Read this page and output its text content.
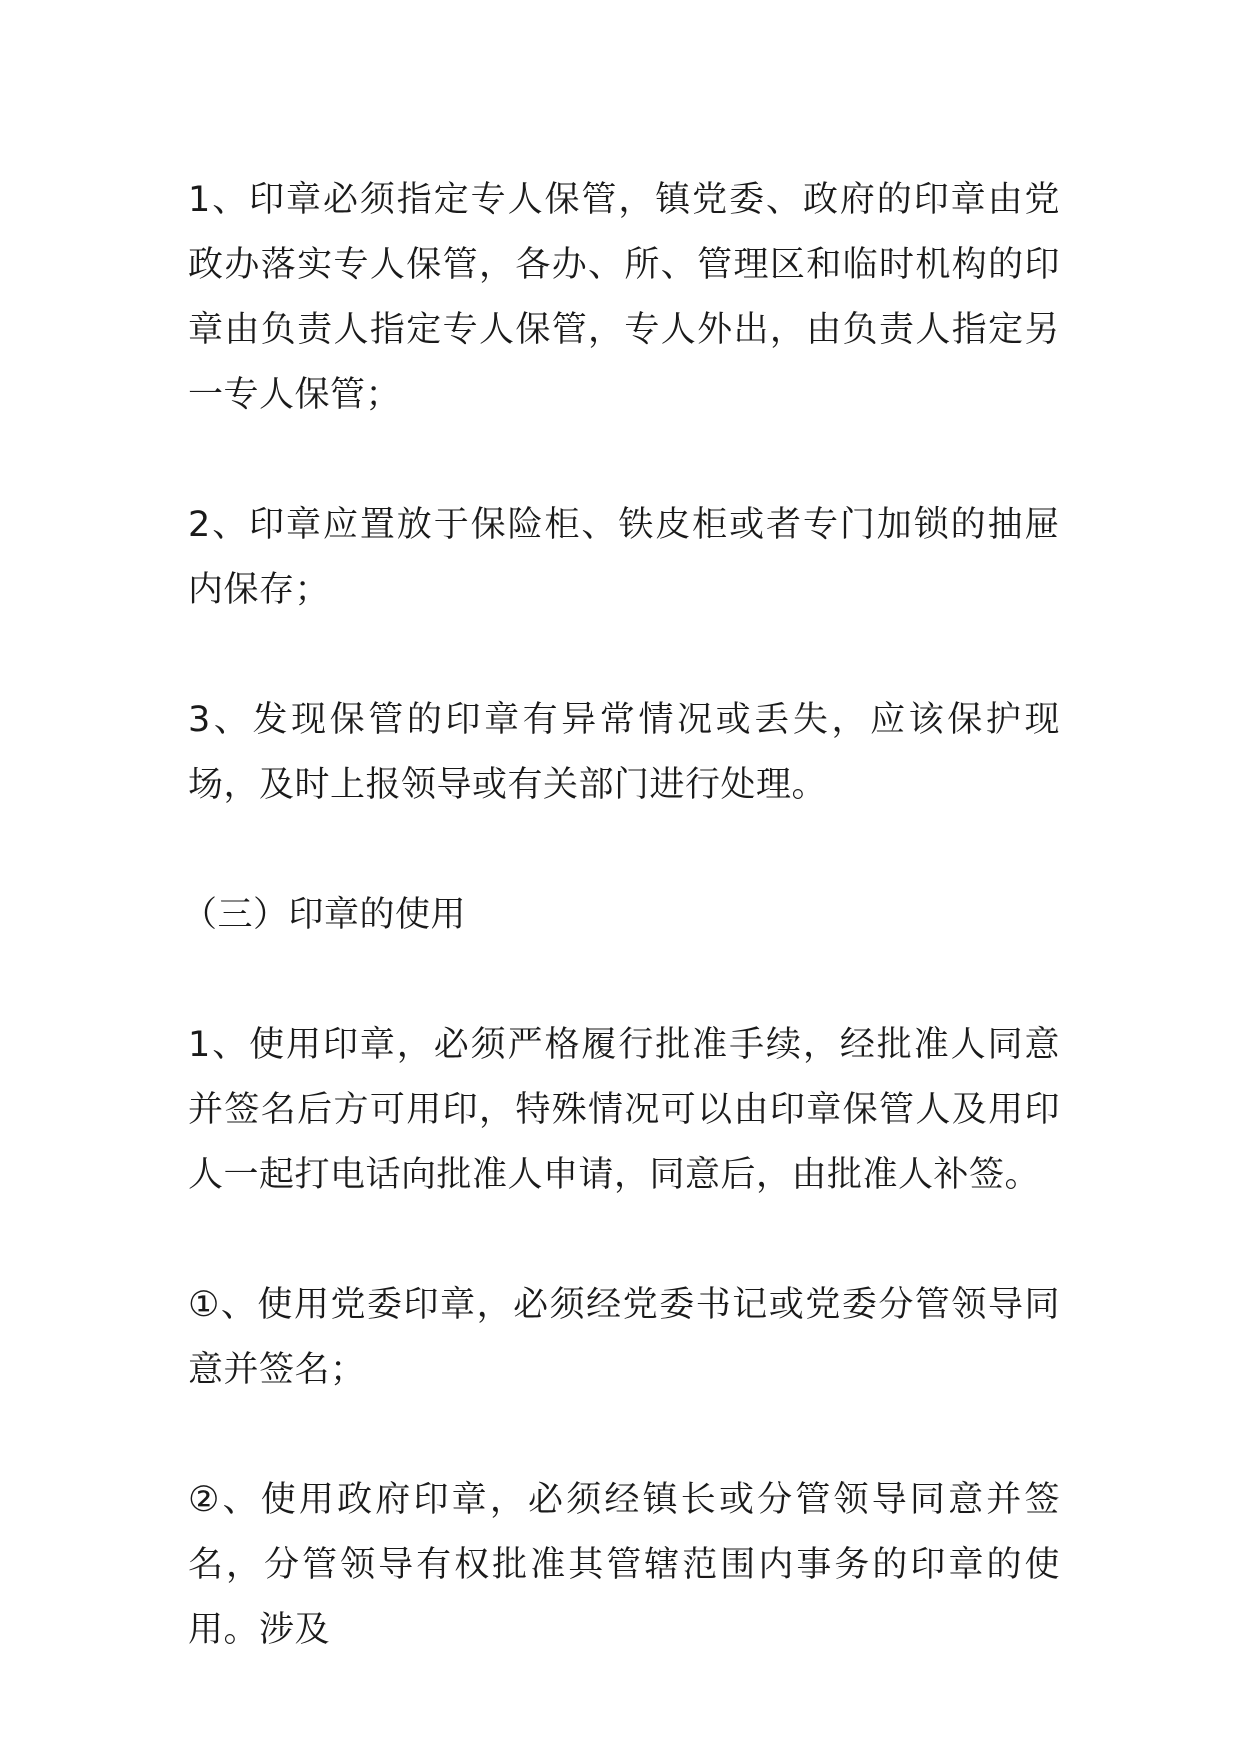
1、印章必须指定专人保管，镇党委、政府的印章由党政办落实专人保管，各办、所、管理区和临时机构的印章由负责人指定专人保管，专人外出，由负责人指定另一专人保管；

2、印章应置放于保险柜、铁皮柜或者专门加锁的抽屉内保存；

3、发现保管的印章有异常情况或丢失，应该保护现场，及时上报领导或有关部门进行处理。

（三）印章的使用

1、使用印章，必须严格履行批准手续，经批准人同意并签名后方可用印，特殊情况可以由印章保管人及用印人一起打电话向批准人申请，同意后，由批准人补签。

①、使用党委印章，必须经党委书记或党委分管领导同意并签名；

②、使用政府印章，必须经镇长或分管领导同意并签名，分管领导有权批准其管辖范围内事务的印章的使用。涉及
